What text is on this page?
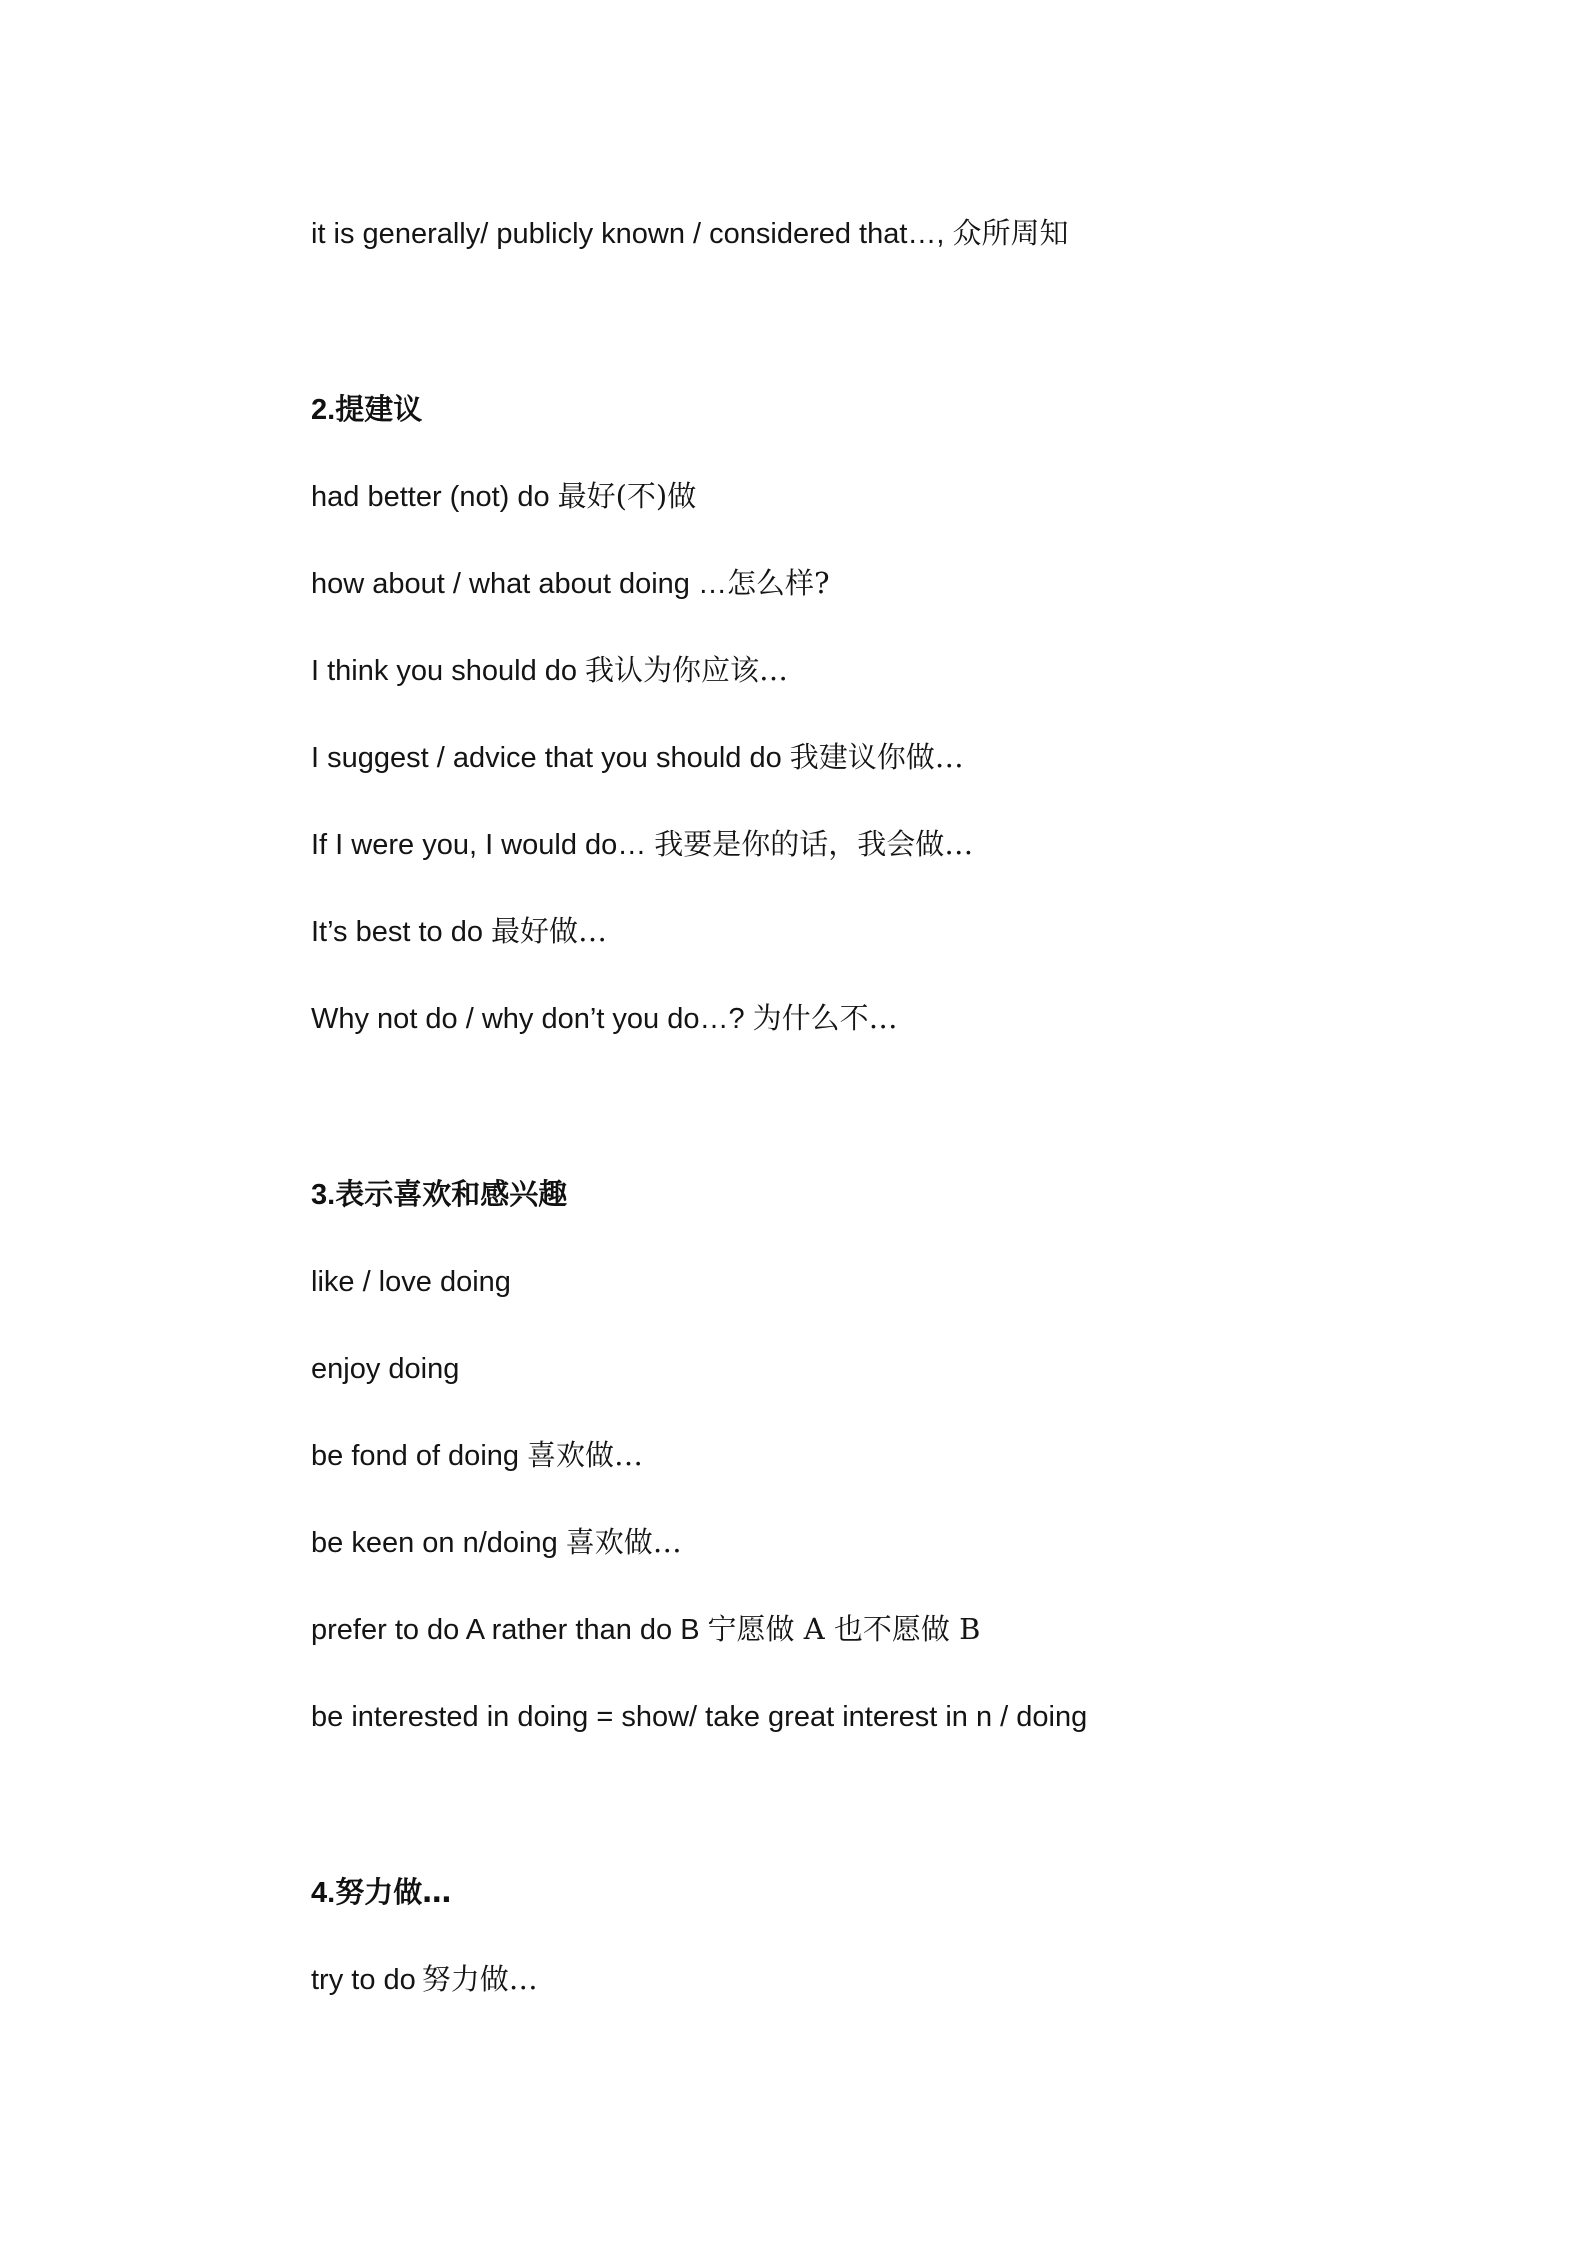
it is generally/ publicly known / considered that…, 众所周知
2.提建议
had better (not) do 最好(不)做
how about / what about doing …怎么样?
I think you should do 我认为你应该…
I suggest / advice that you should do 我建议你做…
If I were you, I would do… 我要是你的话，我会做…
It’s best to do 最好做…
Why not do / why don’t you do…? 为什么不…
3.表示喜欢和感兴趣
like / love doing
enjoy doing
be fond of doing 喜欢做…
be keen on n/doing 喜欢做…
prefer to do A rather than do B 宁愿做 A 也不愿做 B
be interested in doing = show/ take great interest in n / doing
4.努力做…
try to do 努力做…
